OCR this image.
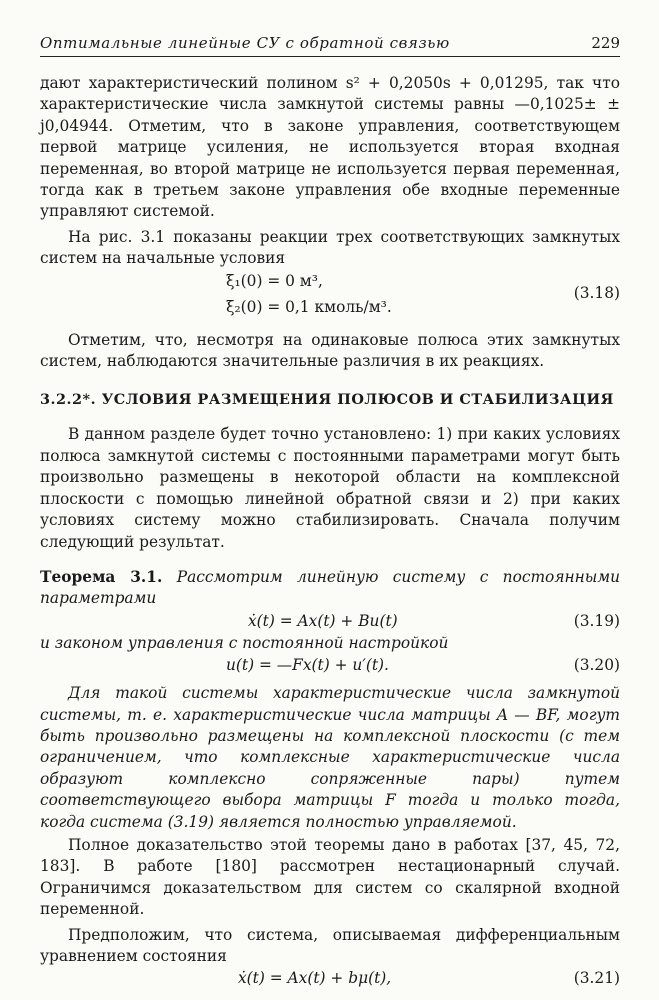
Оптимальные линейные СУ с обратной связью	229

дают характеристический полином s² + 0,2050s + 0,01295, так что характеристические числа замкнутой системы равны —0,1025± ± j0,04944. Отметим, что в законе управления, соответствующем первой матрице усиления, не используется вторая входная переменная, во второй матрице не используется первая переменная, тогда как в третьем законе управления обе входные переменные управляют системой.

На рис. 3.1 показаны реакции трех соответствующих замкнутых систем на начальные условия

ξ₁(0) = 0 м³,
ξ₂(0) = 0,1 кмоль/м³.
(3.18)

Отметим, что, несмотря на одинаковые полюса этих замкнутых систем, наблюдаются значительные различия в их реакциях.

3.2.2*. УСЛОВИЯ РАЗМЕЩЕНИЯ ПОЛЮСОВ И СТАБИЛИЗАЦИЯ

В данном разделе будет точно установлено: 1) при каких условиях полюса замкнутой системы с постоянными параметрами могут быть произвольно размещены в некоторой области на комплексной плоскости с помощью линейной обратной связи и 2) при каких условиях систему можно стабилизировать. Сначала получим следующий результат.

Теорема 3.1. Рассмотрим линейную систему с постоянными параметрами

ẋ(t) = Ax(t) + Bu(t)	(3.19)

и законом управления с постоянной настройкой

u(t) = —Fx(t) + u′(t).	(3.20)

Для такой системы характеристические числа замкнутой системы, т. е. характеристические числа матрицы A — BF, могут быть произвольно размещены на комплексной плоскости (с тем ограничением, что комплексные характеристические числа образуют комплексно сопряженные пары) путем соответствующего выбора матрицы F тогда и только тогда, когда система (3.19) является полностью управляемой.

Полное доказательство этой теоремы дано в работах [37, 45, 72, 183]. В работе [180] рассмотрен нестационарный случай. Ограничимся доказательством для систем со скалярной входной переменной.

Предположим, что система, описываемая дифференциальным уравнением состояния

ẋ(t) = Ax(t) + bμ(t),	(3.21)
